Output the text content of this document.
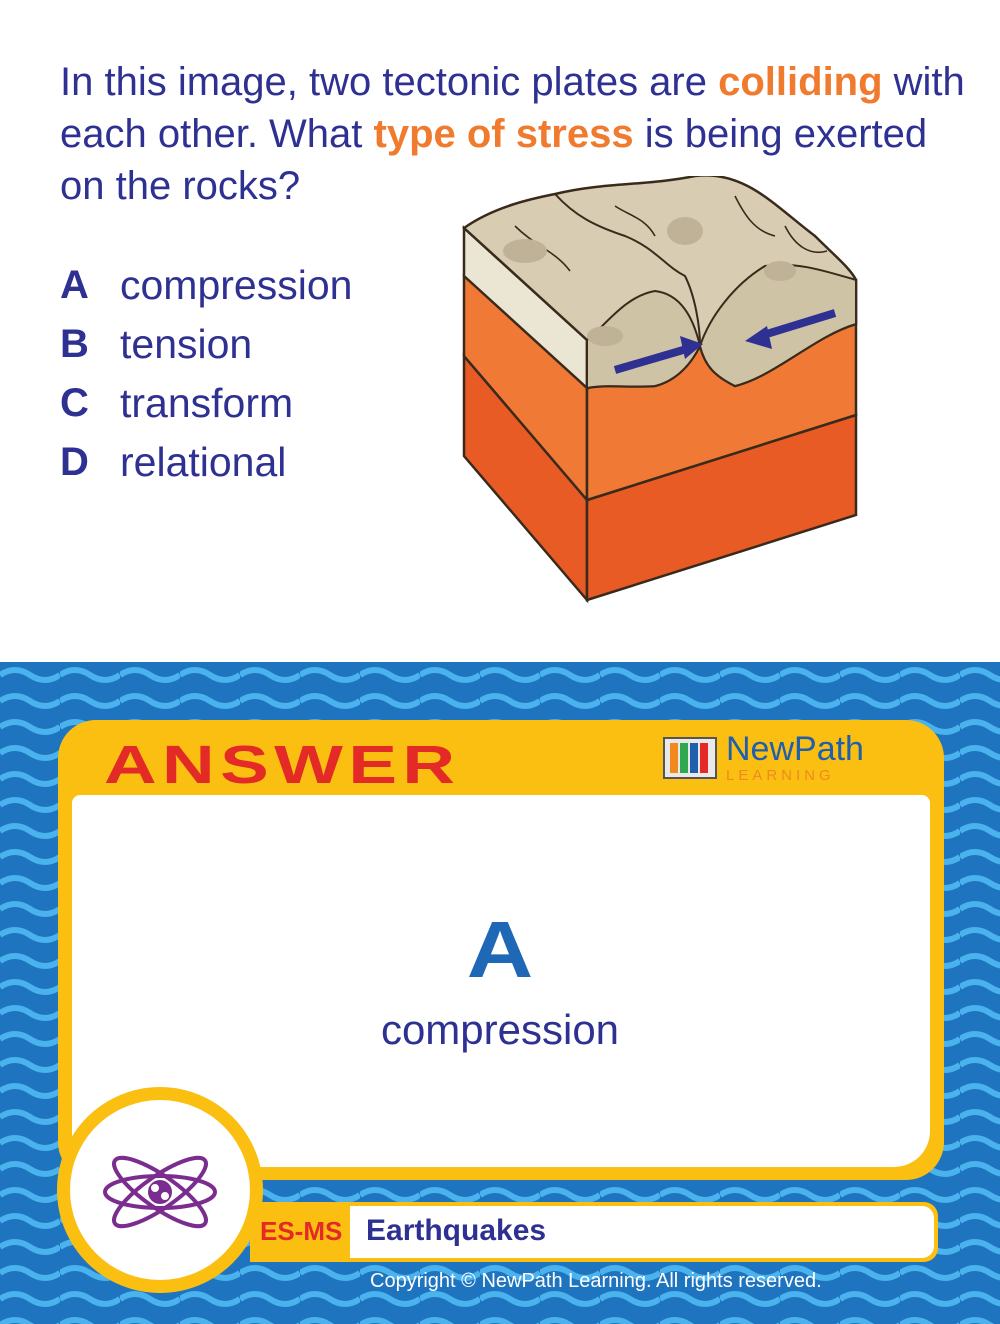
In this image, two tectonic plates are colliding with each other. What type of stress is being exerted on the rocks?

A compression
B tension
C transform
D relational
ANSWER	NewPath
LEARNING
A
compression
ES-MS Earthquakes
Copyright © NewPath Learning. All rights reserved.
